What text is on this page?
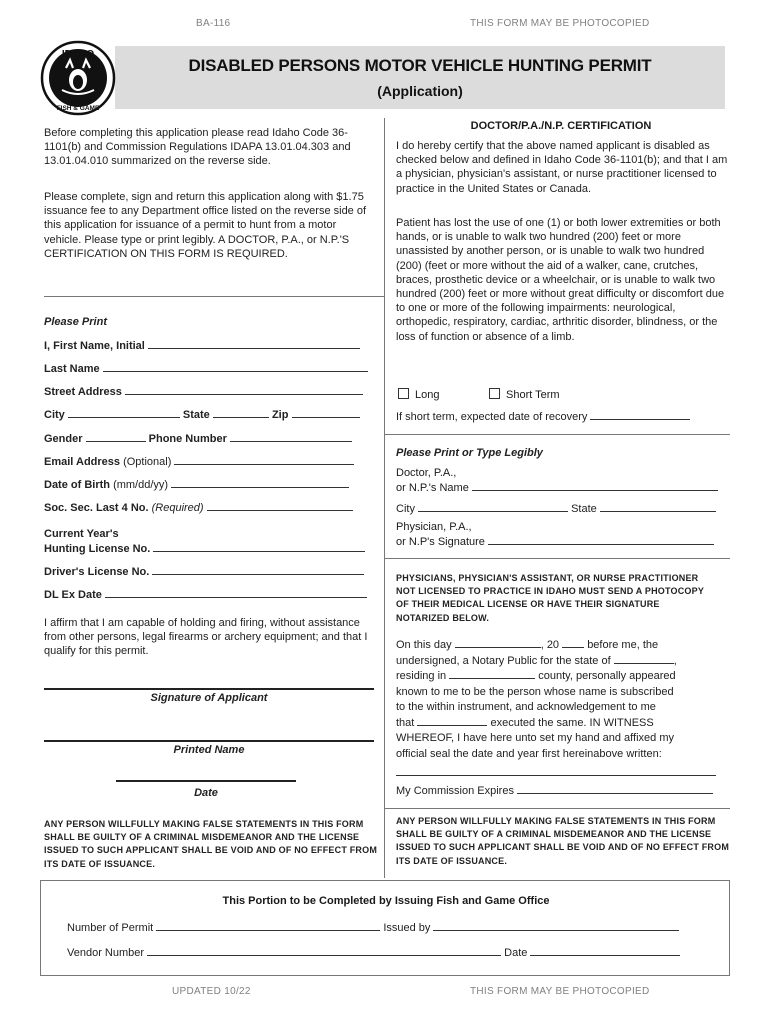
BA-116	THIS FORM MAY BE PHOTOCOPIED
DISABLED PERSONS MOTOR VEHICLE HUNTING PERMIT
(Application)
IDAHO
FISH & GAME
Before completing this application please read Idaho Code 36-1101(b) and Commission Regulations IDAPA 13.01.04.303 and 13.01.04.010 summarized on the reverse side.
Please complete, sign and return this application along with $1.75 issuance fee to any Department office listed on the reverse side of this application for issuance of a permit to hunt from a motor vehicle. Please type or print legibly. A DOCTOR, P.A., or N.P.'S CERTIFICATION ON THIS FORM IS REQUIRED.
Please Print
I, First Name, Initial
Last Name
Street Address
City	State	Zip
Gender	Phone Number
Email Address (Optional)
Date of Birth (mm/dd/yy)
Soc. Sec. Last 4 No. (Required)
Current Year's
Hunting License No.
Driver's License No.
DL Ex Date
I affirm that I am capable of holding and firing, without assistance from other persons, legal firearms or archery equipment; and that I qualify for this permit.
Signature of Applicant
Printed Name
Date
ANY PERSON WILLFULLY MAKING FALSE STATEMENTS IN THIS FORM SHALL BE GUILTY OF A CRIMINAL MISDEMEANOR AND THE LICENSE ISSUED TO SUCH APPLICANT SHALL BE VOID AND OF NO EFFECT FROM ITS DATE OF ISSUANCE.
DOCTOR/P.A./N.P. CERTIFICATION
I do hereby certify that the above named applicant is disabled as checked below and defined in Idaho Code 36-1101(b); and that I am a physician, physician's assistant, or nurse practitioner licensed to practice in the United States or Canada.
Patient has lost the use of one (1) or both lower extremities or both hands, or is unable to walk two hundred (200) feet or more unassisted by another person, or is unable to walk two hundred (200) (feet or more without the aid of a walker, cane, crutches, braces, prosthetic device or a wheelchair, or is unable to walk two hundred (200) feet or more without great difficulty or discomfort due to one or more of the following impairments: neurological, orthopedic, respiratory, cardiac, arthritic disorder, blindness, or the loss of function or absence of a limb.
Long	Short Term
If short term, expected date of recovery
Please Print or Type Legibly
Doctor, P.A.,
or N.P.'s Name
City	State
Physician, P.A.,
or N.P's Signature
PHYSICIANS, PHYSICIAN'S ASSISTANT, OR NURSE PRACTITIONER NOT LICENSED TO PRACTICE IN IDAHO MUST SEND A PHOTOCOPY OF THEIR MEDICAL LICENSE OR HAVE THEIR SIGNATURE NOTARIZED BELOW.
On this day	, 20	before me, the
undersigned, a Notary Public for the state of	,
residing in	county, personally appeared
known to me to be the person whose name is subscribed
to the within instrument, and acknowledgement to me
that	executed the same. IN WITNESS
WHEREOF, I have here unto set my hand and affixed my
official seal the date and year first hereinabove written:
My Commission Expires
ANY PERSON WILLFULLY MAKING FALSE STATEMENTS IN THIS FORM SHALL BE GUILTY OF A CRIMINAL MISDEMEANOR AND THE LICENSE ISSUED TO SUCH APPLICANT SHALL BE VOID AND OF NO EFFECT FROM ITS DATE OF ISSUANCE.
This Portion to be Completed by Issuing Fish and Game Office
Number of Permit	Issued by
Vendor Number	Date
UPDATED 10/22	THIS FORM MAY BE PHOTOCOPIED
